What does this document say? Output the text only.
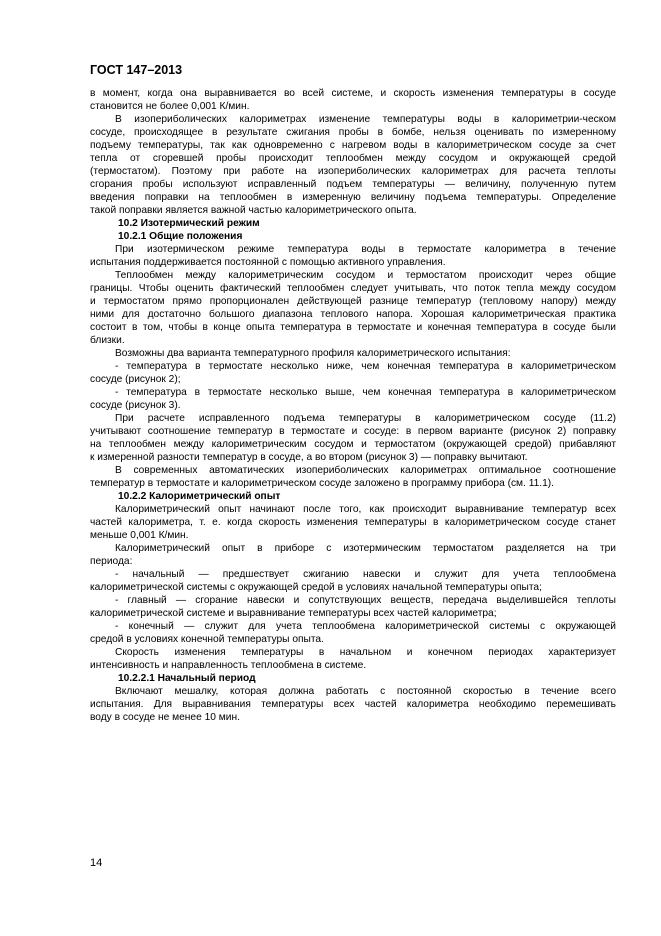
ГОСТ 147–2013
в момент, когда она выравнивается во всей системе, и скорость изменения температуры в сосуде
становится не более 0,001 К/мин.
В изопериболических калориметрах изменение температуры воды в калориметрии-ческом
сосуде, происходящее в результате сжигания пробы в бомбе, нельзя оценивать по измеренному
подъему температуры, так как одновременно с нагревом воды в калориметрическом сосуде за счет
тепла от сгоревшей пробы происходит теплообмен между сосудом и окружающей средой
(термостатом). Поэтому при работе на изопериболических калориметрах для расчета теплоты
сгорания пробы используют исправленный подъем температуры — величину, полученную путем
введения поправки на теплообмен в измеренную величину подъема температуры. Определение
такой поправки является важной частью калориметрического опыта.
10.2 Изотермический режим
10.2.1 Общие положения
При изотермическом режиме температура воды в термостате калориметра в течение
испытания поддерживается постоянной с помощью активного управления.
Теплообмен между калориметрическим сосудом и термостатом происходит через общие
границы. Чтобы оценить фактический теплообмен следует учитывать, что поток тепла между сосудом
и термостатом прямо пропорционален действующей разнице температур (тепловому напору) между
ними для достаточно большого диапазона теплового напора. Хорошая калориметрическая практика
состоит в том, чтобы в конце опыта температура в термостате и конечная температура в сосуде были
близки.
Возможны два варианта температурного профиля калориметрического испытания:
- температура в термостате несколько ниже, чем конечная температура в калориметрическом
сосуде (рисунок 2);
- температура в термостате несколько выше, чем конечная температура в калориметрическом
сосуде (рисунок 3).
При расчете исправленного подъема температуры в калориметрическом сосуде (11.2)
учитывают соотношение температур в термостате и сосуде: в первом варианте (рисунок 2) поправку
на теплообмен между калориметрическим сосудом и термостатом (окружающей средой) прибавляют
к измеренной разности температур в сосуде, а во втором (рисунок 3) — поправку вычитают.
В современных автоматических изопериболических калориметрах оптимальное соотношение
температур в термостате и калориметрическом сосуде заложено в программу прибора (см. 11.1).
10.2.2 Калориметрический опыт
Калориметрический опыт начинают после того, как происходит выравнивание температур всех
частей калориметра, т. е. когда скорость изменения температуры в калориметрическом сосуде станет
меньше 0,001 К/мин.
Калориметрический опыт в приборе с изотермическим термостатом разделяется на три
периода:
- начальный — предшествует сжиганию навески и служит для учета теплообмена
калориметрической системы с окружающей средой в условиях начальной температуры опыта;
- главный — сгорание навески и сопутствующих веществ, передача выделившейся теплоты
калориметрической системе и выравнивание температуры всех частей калориметра;
- конечный — служит для учета теплообмена калориметрической системы с окружающей
средой в условиях конечной температуры опыта.
Скорость изменения температуры в начальном и конечном периодах характеризует
интенсивность и направленность теплообмена в системе.
10.2.2.1 Начальный период
Включают мешалку, которая должна работать с постоянной скоростью в течение всего
испытания. Для выравнивания температуры всех частей калориметра необходимо перемешивать
воду в сосуде не менее 10 мин.
14
